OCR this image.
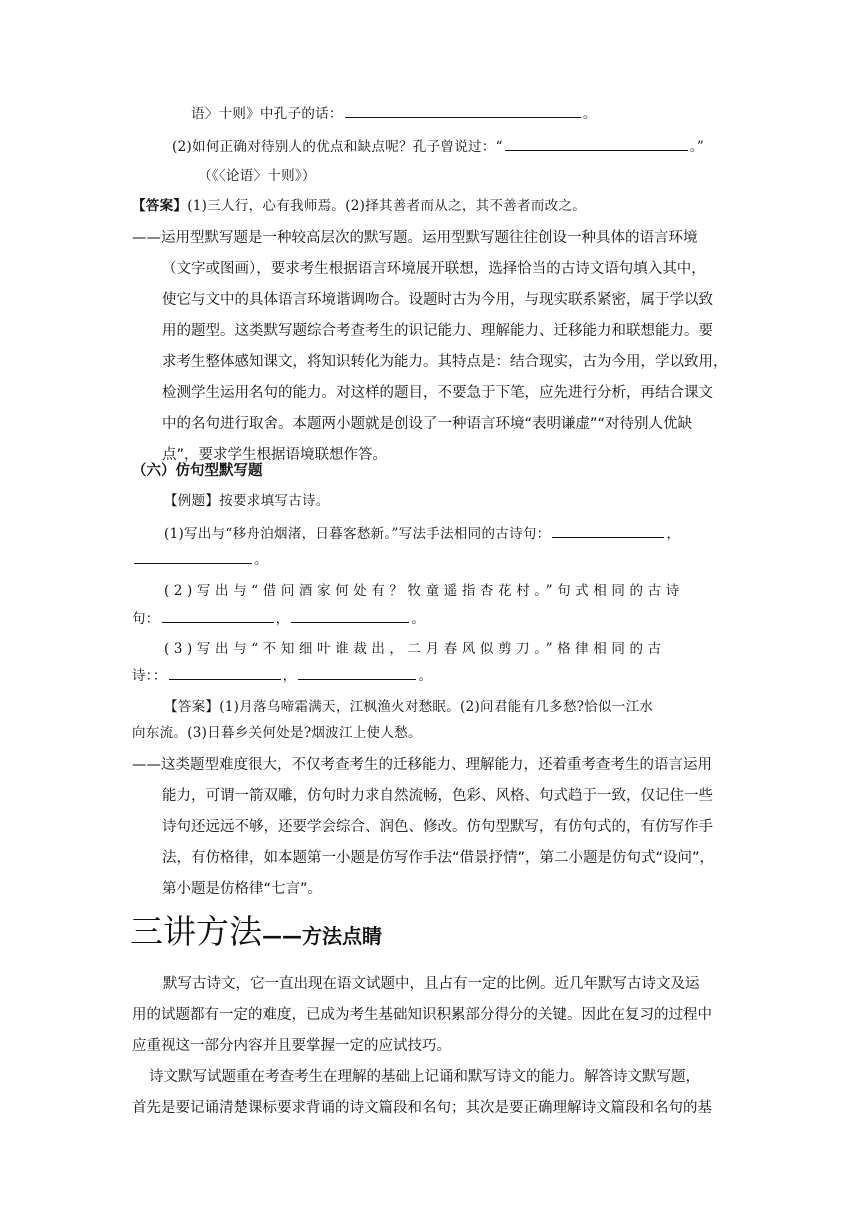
语〉十则》中孔子的话：	。
(2)如何正确对待别人的优点和缺点呢？孔子曾说过：“	。”
（《〈论语〉十则》）
【答案】(1)三人行，心有我师焉。(2)择其善者而从之，其不善者而改之。
——运用型默写题是一种较高层次的默写题。运用型默写题往往创设一种具体的语言环境
（文字或图画），要求考生根据语言环境展开联想，选择恰当的古诗文语句填入其中，
使它与文中的具体语言环境谐调吻合。设题时古为今用，与现实联系紧密，属于学以致
用的题型。这类默写题综合考查考生的识记能力、理解能力、迁移能力和联想能力。要
求考生整体感知课文，将知识转化为能力。其特点是：结合现实，古为今用，学以致用，
检测学生运用名句的能力。对这样的题目，不要急于下笔，应先进行分析，再结合课文
中的名句进行取舍。本题两小题就是创设了一种语言环境“表明谦虚”“对待别人优缺
点”，要求学生根据语境联想作答。
（六）仿句型默写题
【例题】按要求填写古诗。
(1)写出与“移舟泊烟渚，日暮客愁新。”写法手法相同的古诗句：	，
。
(2)写出与“借问酒家何处有？牧童遥指杏花村。”句式相同的古诗
句：	，	。
(3)写出与“不知细叶谁裁出，二月春风似剪刀。”格律相同的古
诗：：	，	。
【答案】(1)月落乌啼霜满天，江枫渔火对愁眠。(2)问君能有几多愁?恰似一江水
向东流。(3)日暮乡关何处是?烟波江上使人愁。
——这类题型难度很大，不仅考查考生的迁移能力、理解能力，还着重考查考生的语言运用
能力，可谓一箭双雕，仿句时力求自然流畅，色彩、风格、句式趋于一致，仅记住一些
诗句还远远不够，还要学会综合、润色、修改。仿句型默写，有仿句式的，有仿写作手
法，有仿格律，如本题第一小题是仿写作手法“借景抒情”，第二小题是仿句式“设问”，
第小题是仿格律“七言”。
三讲方法——方法点睛
默写古诗文，它一直出现在语文试题中，且占有一定的比例。近几年默写古诗文及运
用的试题都有一定的难度，已成为考生基础知识积累部分得分的关键。因此在复习的过程中
应重视这一部分内容并且要掌握一定的应试技巧。
诗文默写试题重在考查考生在理解的基础上记诵和默写诗文的能力。解答诗文默写题，
首先是要记诵清楚课标要求背诵的诗文篇段和名句；其次是要正确理解诗文篇段和名句的基
